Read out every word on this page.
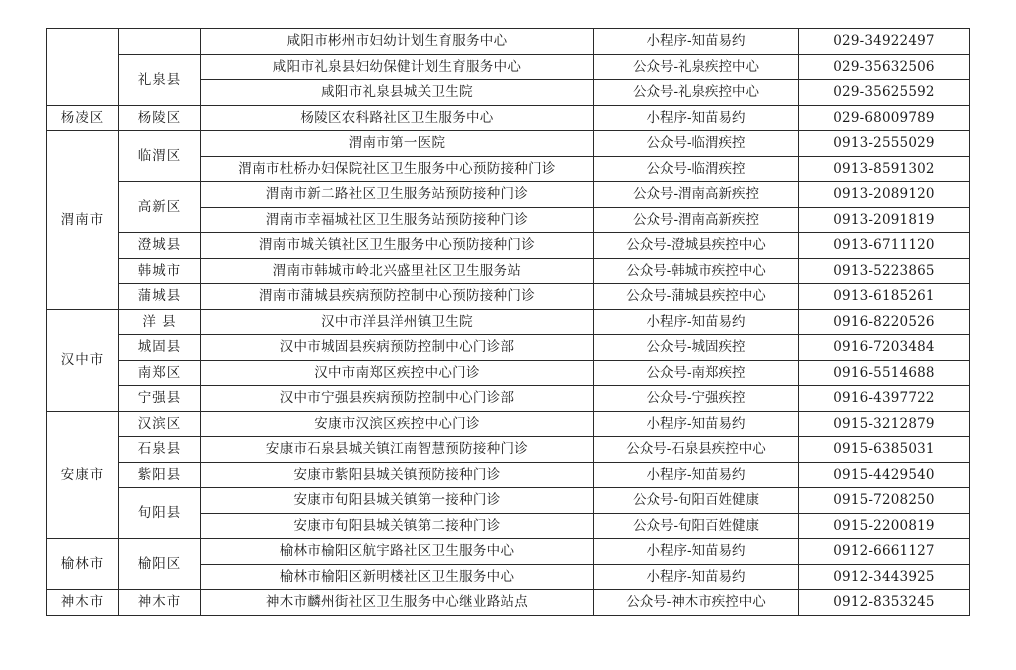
		咸阳市彬州市妇幼计划生育服务中心	小程序-知苗易约	029-34922497
	礼泉县	咸阳市礼泉县妇幼保健计划生育服务中心	公众号-礼泉疾控中心	029-35632506
		咸阳市礼泉县城关卫生院	公众号-礼泉疾控中心	029-35625592
杨凌区	杨陵区	杨陵区农科路社区卫生服务中心	小程序-知苗易约	029-68009789
渭南市	临渭区	渭南市第一医院	公众号-临渭疾控	0913-2555029
		渭南市杜桥办妇保院社区卫生服务中心预防接种门诊	公众号-临渭疾控	0913-8591302
	高新区	渭南市新二路社区卫生服务站预防接种门诊	公众号-渭南高新疾控	0913-2089120
		渭南市幸福城社区卫生服务站预防接种门诊	公众号-渭南高新疾控	0913-2091819
	澄城县	渭南市城关镇社区卫生服务中心预防接种门诊	公众号-澄城县疾控中心	0913-6711120
	韩城市	渭南市韩城市岭北兴盛里社区卫生服务站	公众号-韩城市疾控中心	0913-5223865
	蒲城县	渭南市蒲城县疾病预防控制中心预防接种门诊	公众号-蒲城县疾控中心	0913-6185261
汉中市	洋 县	汉中市洋县洋州镇卫生院	小程序-知苗易约	0916-8220526
	城固县	汉中市城固县疾病预防控制中心门诊部	公众号-城固疾控	0916-7203484
	南郑区	汉中市南郑区疾控中心门诊	公众号-南郑疾控	0916-5514688
	宁强县	汉中市宁强县疾病预防控制中心门诊部	公众号-宁强疾控	0916-4397722
安康市	汉滨区	安康市汉滨区疾控中心门诊	小程序-知苗易约	0915-3212879
	石泉县	安康市石泉县城关镇江南智慧预防接种门诊	公众号-石泉县疾控中心	0915-6385031
	紫阳县	安康市紫阳县城关镇预防接种门诊	小程序-知苗易约	0915-4429540
	旬阳县	安康市旬阳县城关镇第一接种门诊	公众号-旬阳百姓健康	0915-7208250
		安康市旬阳县城关镇第二接种门诊	公众号-旬阳百姓健康	0915-2200819
榆林市	榆阳区	榆林市榆阳区航宇路社区卫生服务中心	小程序-知苗易约	0912-6661127
		榆林市榆阳区新明楼社区卫生服务中心	小程序-知苗易约	0912-3443925
神木市	神木市	神木市麟州街社区卫生服务中心继业路站点	公众号-神木市疾控中心	0912-8353245
